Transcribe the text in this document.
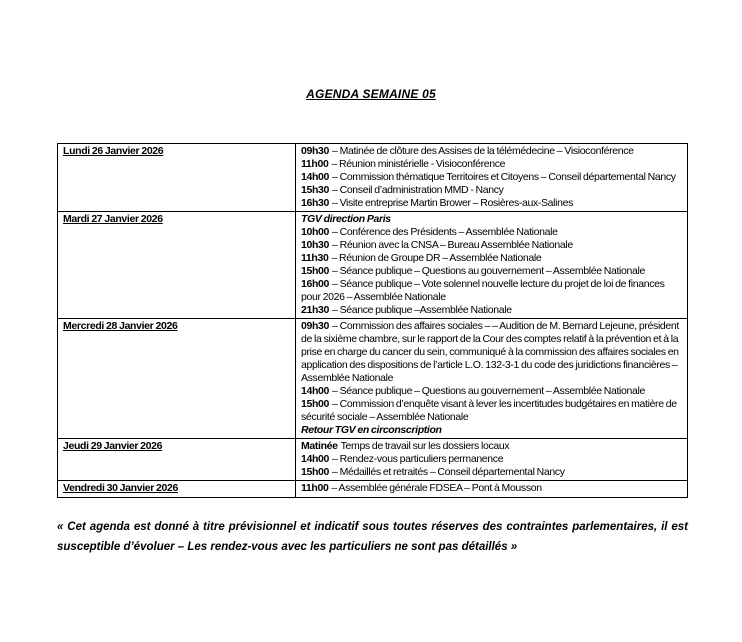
AGENDA SEMAINE 05
Lundi 26 Janvier 2026	09h30 – Matinée de clôture des Assises de la télémédecine – Visioconférence
11h00 – Réunion ministérielle - Visioconférence
14h00 – Commission thématique Territoires et Citoyens – Conseil départemental Nancy
15h30 – Conseil d’administration MMD - Nancy
16h30 – Visite entreprise Martin Brower – Rosières-aux-Salines
Mardi 27 Janvier 2026	TGV direction Paris
10h00 – Conférence des Présidents – Assemblée Nationale
10h30 – Réunion avec la CNSA – Bureau Assemblée Nationale
11h30 – Réunion de Groupe DR – Assemblée Nationale
15h00 – Séance publique – Questions au gouvernement – Assemblée Nationale
16h00 – Séance publique – Vote solennel nouvelle lecture du projet de loi de finances pour 2026 – Assemblée Nationale
21h30 – Séance publique –Assemblée Nationale
Mercredi 28 Janvier 2026	09h30 – Commission des affaires sociales – – Audition de M. Bernard Lejeune, président de la sixième chambre, sur le rapport de la Cour des comptes relatif à la prévention et à la prise en charge du cancer du sein, communiqué à la commission des affaires sociales en application des dispositions de l’article L.O. 132-3-1 du code des juridictions financières – Assemblée Nationale
14h00 – Séance publique – Questions au gouvernement – Assemblée Nationale
15h00 – Commission d’enquête visant à lever les incertitudes budgétaires en matière de sécurité sociale – Assemblée Nationale
Retour TGV en circonscription
Jeudi 29 Janvier 2026	Matinée Temps de travail sur les dossiers locaux
14h00 – Rendez-vous particuliers permanence
15h00 – Médaillés et retraités – Conseil départemental Nancy
Vendredi 30 Janvier 2026	11h00 – Assemblée générale FDSEA – Pont à Mousson
« Cet agenda est donné à titre prévisionnel et indicatif sous toutes réserves des contraintes parlementaires, il est susceptible d’évoluer – Les rendez-vous avec les particuliers ne sont pas détaillés »
